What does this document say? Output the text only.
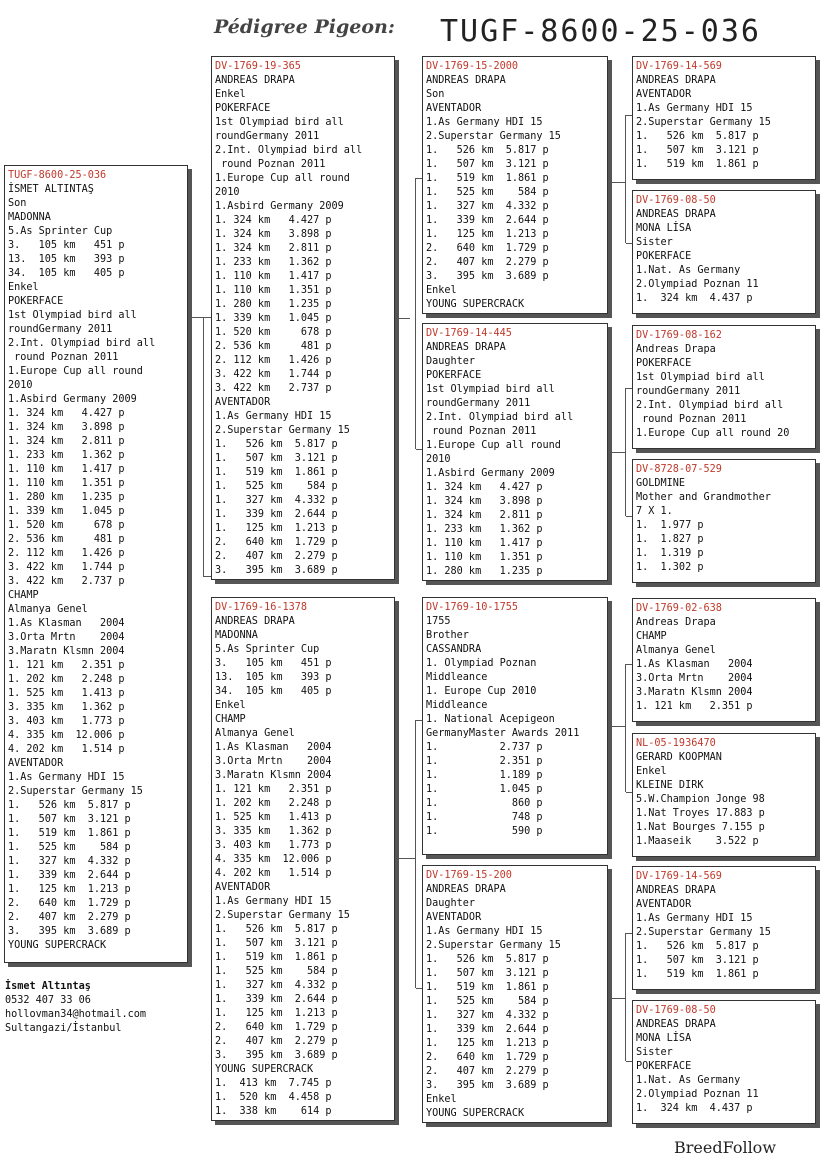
Pédigree Pigeon: TUGF-8600-25-036
TUGF-8600-25-036
İSMET ALTINTAŞ
Son
MADONNA
5.As Sprinter Cup
3.   105 km   451 p
13.  105 km   393 p
34.  105 km   405 p
Enkel
POKERFACE
1st Olympiad bird all
roundGermany 2011
2.Int. Olympiad bird all
round Poznan 2011
1.Europe Cup all round
2010
1.Asbird Germany 2009
1. 324 km   4.427 p
1. 324 km   3.898 p
1. 324 km   2.811 p
1. 233 km   1.362 p
1. 110 km   1.417 p
1. 110 km   1.351 p
1. 280 km   1.235 p
1. 339 km   1.045 p
1. 520 km     678 p
2. 536 km     481 p
2. 112 km   1.426 p
3. 422 km   1.744 p
3. 422 km   2.737 p
CHAMP
Almanya Genel
1.As Klasman   2004
3.Orta Mrtn    2004
3.Maratn Klsmn 2004
1. 121 km   2.351 p
1. 202 km   2.248 p
1. 525 km   1.413 p
3. 335 km   1.362 p
3. 403 km   1.773 p
4. 335 km  12.006 p
4. 202 km   1.514 p
AVENTADOR
1.As Germany HDI 15
2.Superstar Germany 15
1.   526 km  5.817 p
1.   507 km  3.121 p
1.   519 km  1.861 p
1.   525 km    584 p
1.   327 km  4.332 p
1.   339 km  2.644 p
1.   125 km  1.213 p
2.   640 km  1.729 p
2.   407 km  2.279 p
3.   395 km  3.689 p
YOUNG SUPERCRACK
DV-1769-19-365
ANDREAS DRAPA
Enkel
POKERFACE
1st Olympiad bird all
roundGermany 2011
2.Int. Olympiad bird all
round Poznan 2011
1.Europe Cup all round
2010
1.Asbird Germany 2009
1. 324 km   4.427 p
1. 324 km   3.898 p
1. 324 km   2.811 p
1. 233 km   1.362 p
1. 110 km   1.417 p
1. 110 km   1.351 p
1. 280 km   1.235 p
1. 339 km   1.045 p
1. 520 km     678 p
2. 536 km     481 p
2. 112 km   1.426 p
3. 422 km   1.744 p
3. 422 km   2.737 p
AVENTADOR
1.As Germany HDI 15
2.Superstar Germany 15
1.   526 km  5.817 p
1.   507 km  3.121 p
1.   519 km  1.861 p
1.   525 km    584 p
1.   327 km  4.332 p
1.   339 km  2.644 p
1.   125 km  1.213 p
2.   640 km  1.729 p
2.   407 km  2.279 p
3.   395 km  3.689 p
DV-1769-16-1378
ANDREAS DRAPA
MADONNA
5.As Sprinter Cup
3.   105 km   451 p
13.  105 km   393 p
34.  105 km   405 p
Enkel
CHAMP
Almanya Genel
1.As Klasman   2004
3.Orta Mrtn    2004
3.Maratn Klsmn 2004
1. 121 km   2.351 p
1. 202 km   2.248 p
1. 525 km   1.413 p
3. 335 km   1.362 p
3. 403 km   1.773 p
4. 335 km  12.006 p
4. 202 km   1.514 p
AVENTADOR
1.As Germany HDI 15
2.Superstar Germany 15
1.   526 km  5.817 p
1.   507 km  3.121 p
1.   519 km  1.861 p
1.   525 km    584 p
1.   327 km  4.332 p
1.   339 km  2.644 p
1.   125 km  1.213 p
2.   640 km  1.729 p
2.   407 km  2.279 p
3.   395 km  3.689 p
YOUNG SUPERCRACK
1.  413 km  7.745 p
1.  520 km  4.458 p
1.  338 km    614 p
DV-1769-15-2000
ANDREAS DRAPA
Son
AVENTADOR
1.As Germany HDI 15
2.Superstar Germany 15
1.   526 km  5.817 p
1.   507 km  3.121 p
1.   519 km  1.861 p
1.   525 km    584 p
1.   327 km  4.332 p
1.   339 km  2.644 p
1.   125 km  1.213 p
2.   640 km  1.729 p
2.   407 km  2.279 p
3.   395 km  3.689 p
Enkel
YOUNG SUPERCRACK
DV-1769-14-445
ANDREAS DRAPA
Daughter
POKERFACE
1st Olympiad bird all
roundGermany 2011
2.Int. Olympiad bird all
round Poznan 2011
1.Europe Cup all round
2010
1.Asbird Germany 2009
1. 324 km   4.427 p
1. 324 km   3.898 p
1. 324 km   2.811 p
1. 233 km   1.362 p
1. 110 km   1.417 p
1. 110 km   1.351 p
1. 280 km   1.235 p
DV-1769-10-1755
1755
Brother
CASSANDRA
1. Olympiad Poznan
Middleance
1. Europe Cup 2010
Middleance
1. National Acepigeon
GermanyMaster Awards 2011
1.          2.737 p
1.          2.351 p
1.          1.189 p
1.          1.045 p
1.            860 p
1.            748 p
1.            590 p
DV-1769-15-200
ANDREAS DRAPA
Daughter
AVENTADOR
1.As Germany HDI 15
2.Superstar Germany 15
1.   526 km  5.817 p
1.   507 km  3.121 p
1.   519 km  1.861 p
1.   525 km    584 p
1.   327 km  4.332 p
1.   339 km  2.644 p
1.   125 km  1.213 p
2.   640 km  1.729 p
2.   407 km  2.279 p
3.   395 km  3.689 p
Enkel
YOUNG SUPERCRACK
DV-1769-14-569
ANDREAS DRAPA
AVENTADOR
1.As Germany HDI 15
2.Superstar Germany 15
1.   526 km  5.817 p
1.   507 km  3.121 p
1.   519 km  1.861 p
DV-1769-08-50
ANDREAS DRAPA
MONA LİSA
Sister
POKERFACE
1.Nat. As Germany
2.Olympiad Poznan 11
1.  324 km  4.437 p
DV-1769-08-162
Andreas Drapa
POKERFACE
1st Olympiad bird all
roundGermany 2011
2.Int. Olympiad bird all
round Poznan 2011
1.Europe Cup all round 20
DV-8728-07-529
GOLDMINE
Mother and Grandmother
7 X 1.
1.  1.977 p
1.  1.827 p
1.  1.319 p
1.  1.302 p
DV-1769-02-638
Andreas Drapa
CHAMP
Almanya Genel
1.As Klasman   2004
3.Orta Mrtn    2004
3.Maratn Klsmn 2004
1. 121 km   2.351 p
NL-05-1936470
GERARD KOOPMAN
Enkel
KLEINE DIRK
5.W.Champion Jonge 98
1.Nat Troyes 17.883 p
1.Nat Bourges 7.155 p
1.Maaseik    3.522 p
DV-1769-14-569
ANDREAS DRAPA
AVENTADOR
1.As Germany HDI 15
2.Superstar Germany 15
1.   526 km  5.817 p
1.   507 km  3.121 p
1.   519 km  1.861 p
DV-1769-08-50
ANDREAS DRAPA
MONA LİSA
Sister
POKERFACE
1.Nat. As Germany
2.Olympiad Poznan 11
1.  324 km  4.437 p
İsmet Altıntaş
0532 407 33 06
hollovman34@hotmail.com
Sultangazi/İstanbul
BreedFollow
